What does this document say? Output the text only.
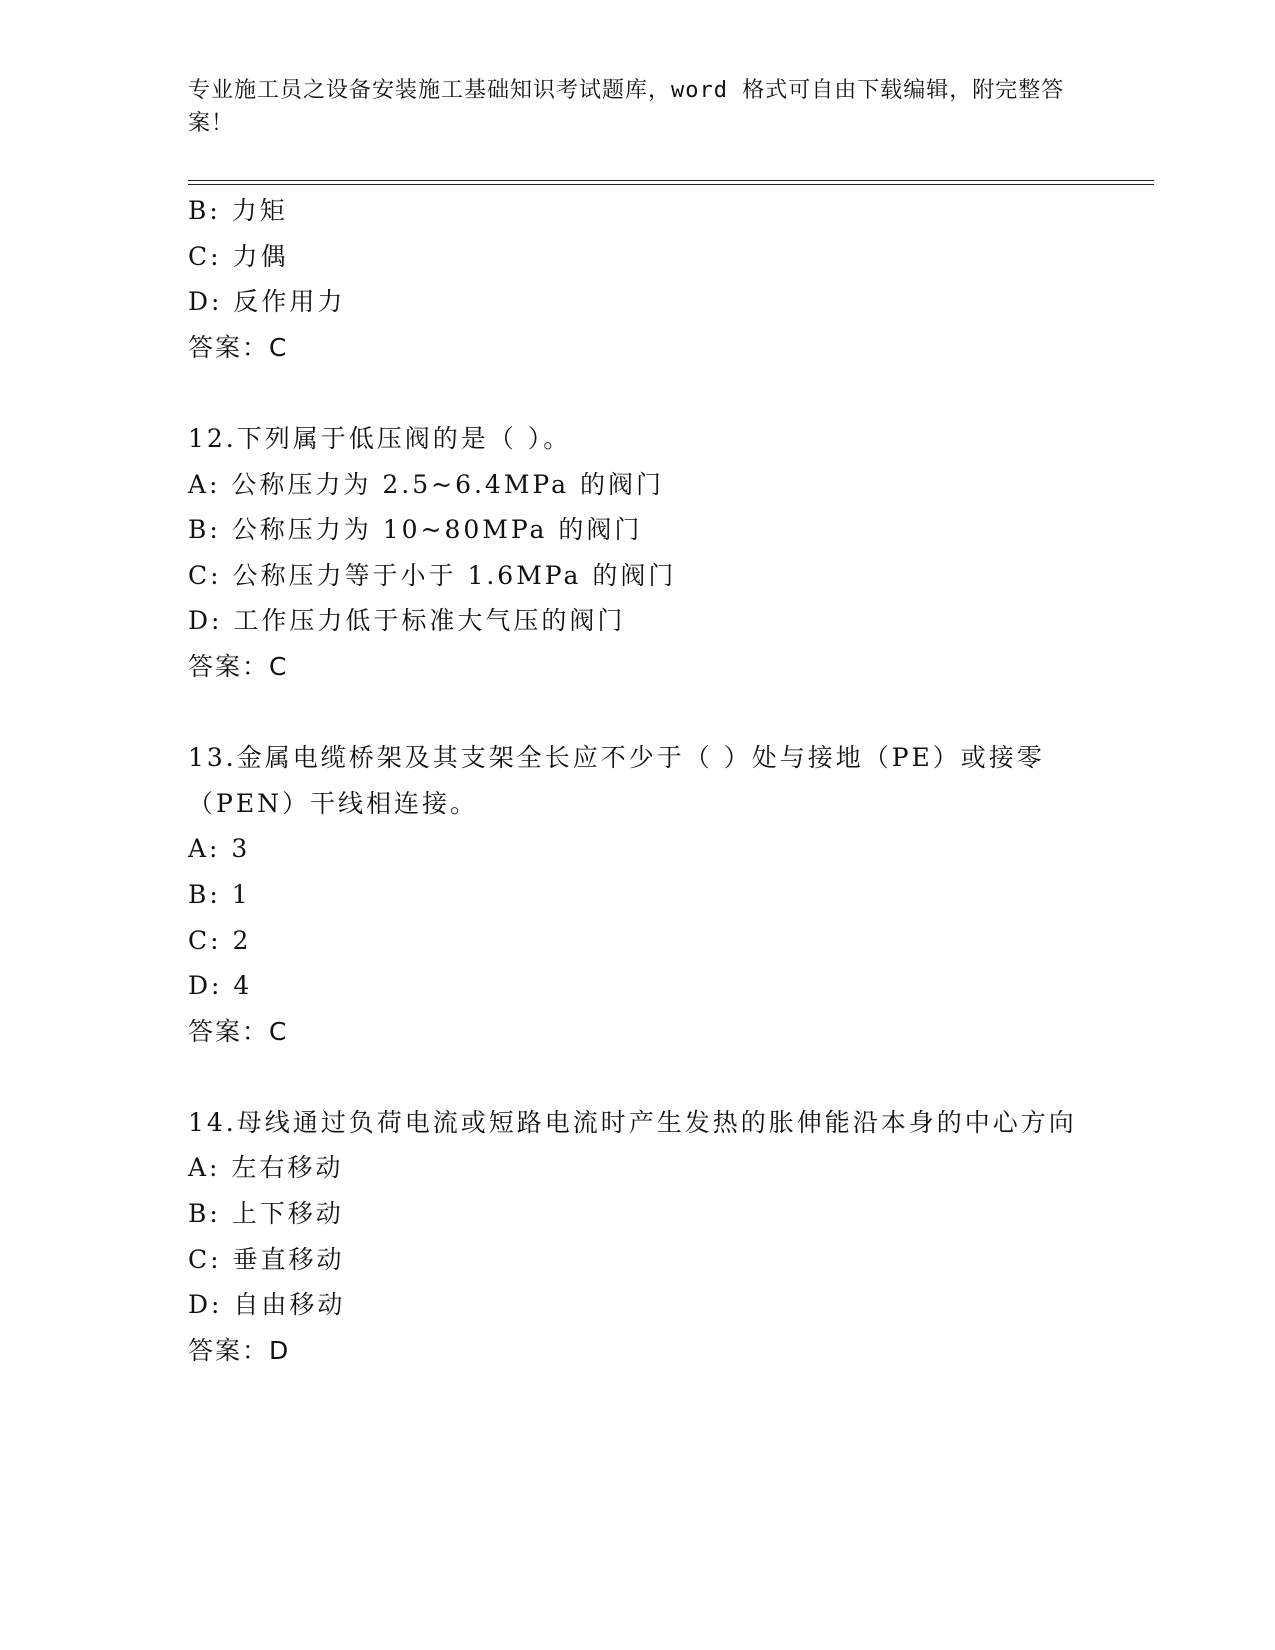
专业施工员之设备安装施工基础知识考试题库，word 格式可自由下载编辑，附完整答案！

B: 力矩

C: 力偶

D: 反作用力

答案：C

12.下列属于低压阀的是（ ）。

A: 公称压力为 2.5~6.4MPa 的阀门

B: 公称压力为 10~80MPa 的阀门

C: 公称压力等于小于 1.6MPa 的阀门

D: 工作压力低于标准大气压的阀门

答案：C

13.金属电缆桥架及其支架全长应不少于（ ）处与接地（PE）或接零（PEN）干线相连接。

A: 3

B: 1

C: 2

D: 4

答案：C

14.母线通过负荷电流或短路电流时产生发热的胀伸能沿本身的中心方向

A: 左右移动

B: 上下移动

C: 垂直移动

D: 自由移动

答案：D
